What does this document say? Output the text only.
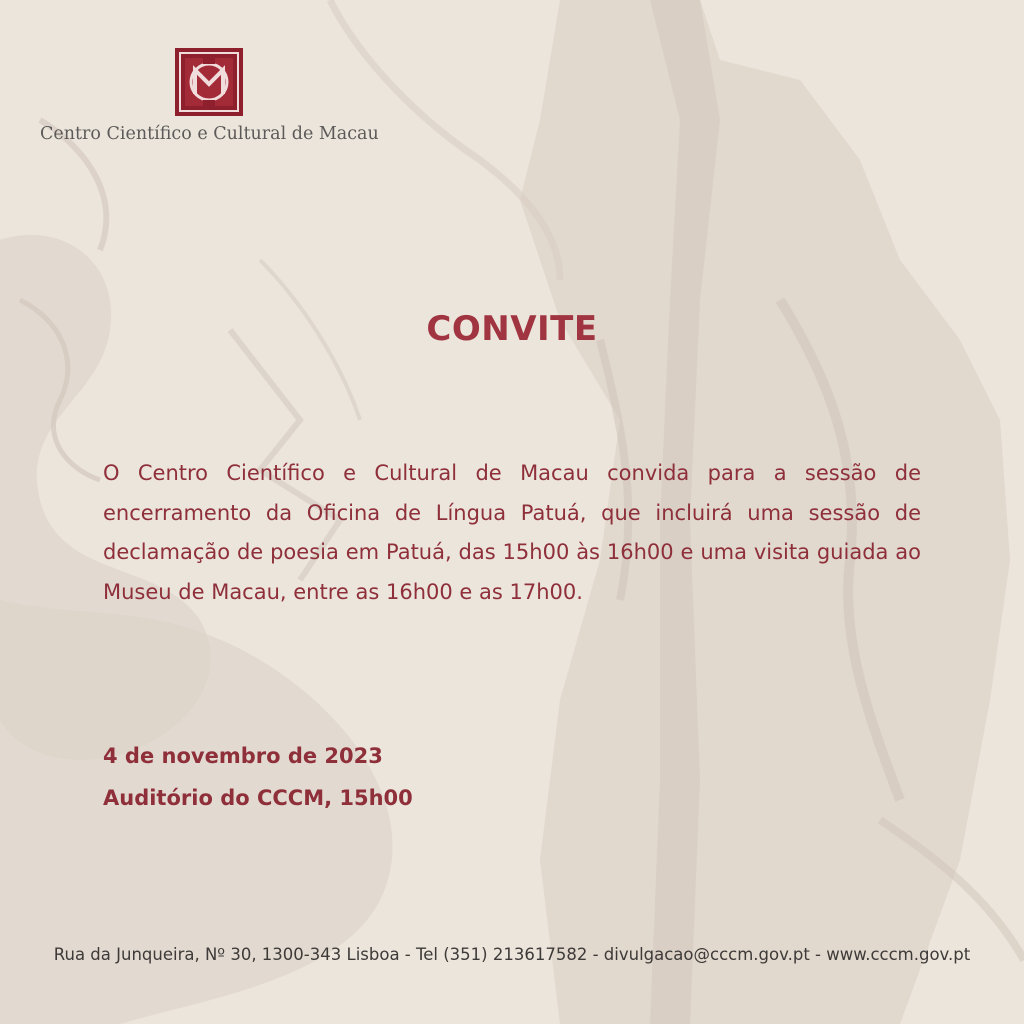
Centro Científico e Cultural de Macau
CONVITE
O Centro Científico e Cultural de Macau convida para a sessão de encerramento da Oficina de Língua Patuá, que incluirá uma sessão de declamação de poesia em Patuá, das 15h00 às 16h00 e uma visita guiada ao Museu de Macau, entre as 16h00 e as 17h00.
4 de novembro de 2023
Auditório do CCCM, 15h00
Rua da Junqueira, Nº 30, 1300-343 Lisboa - Tel (351) 213617582 - divulgacao@cccm.gov.pt - www.cccm.gov.pt
